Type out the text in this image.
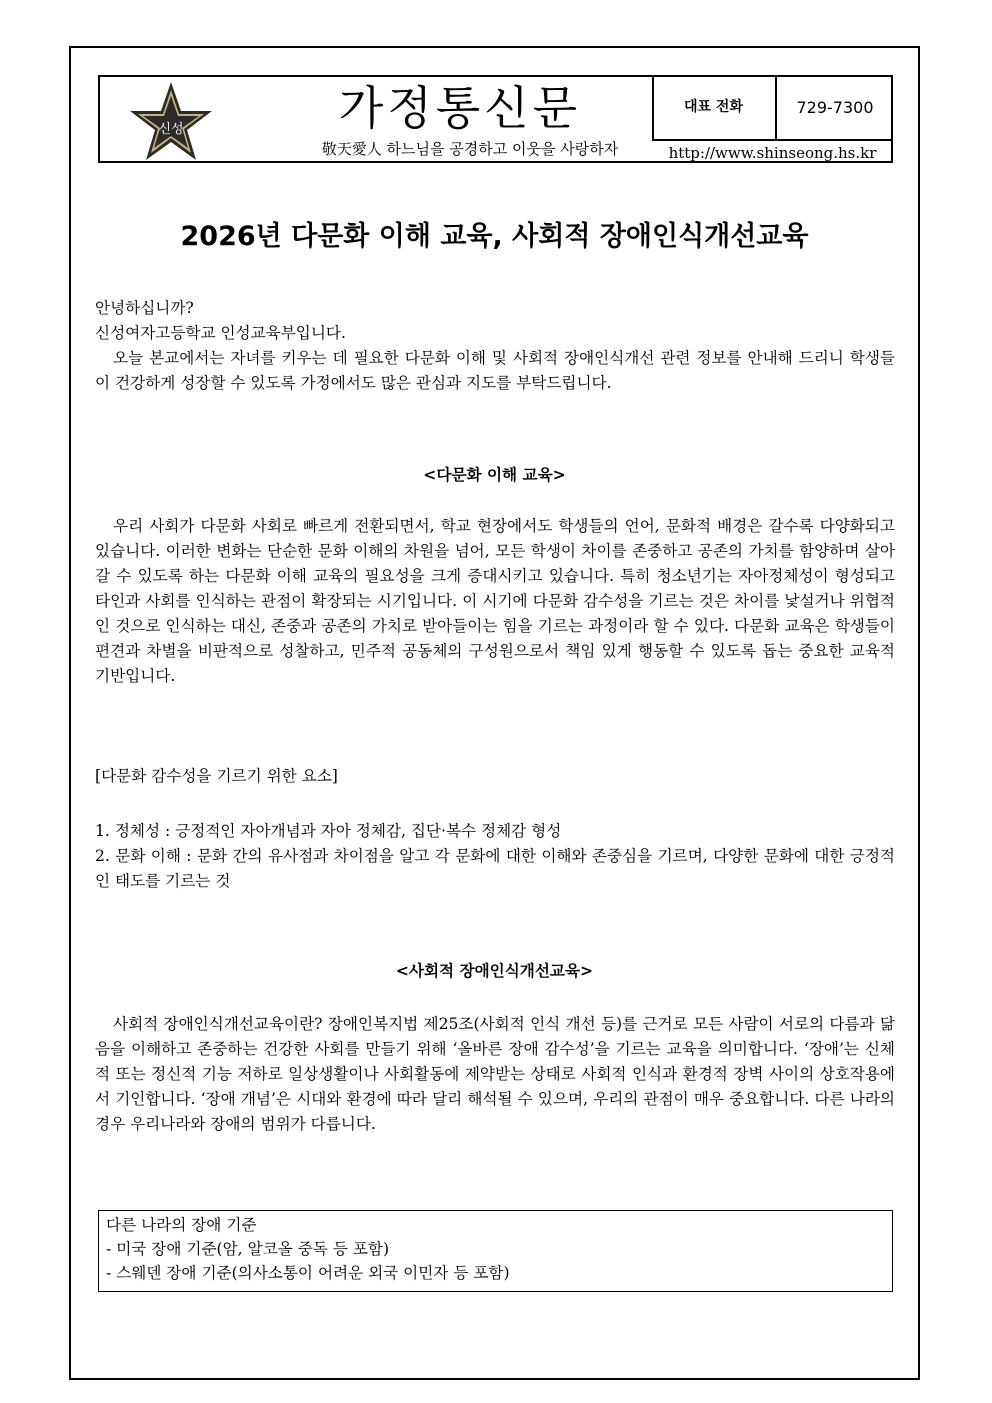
신성	가정통신문
敬天愛人 하느님을 공경하고 이웃을 사랑하자
대표 전화	729-7300
http://www.shinseong.hs.kr
2026년 다문화 이해 교육, 사회적 장애인식개선교육

안녕하십니까?

신성여자고등학교 인성교육부입니다.

오늘 본교에서는 자녀를 키우는 데 필요한 다문화 이해 및 사회적 장애인식개선 관련 정보를 안내해 드리니 학생들이 건강하게 성장할 수 있도록 가정에서도 많은 관심과 지도를 부탁드립니다.

<다문화 이해 교육>

우리 사회가 다문화 사회로 빠르게 전환되면서, 학교 현장에서도 학생들의 언어, 문화적 배경은 갈수록 다양화되고 있습니다. 이러한 변화는 단순한 문화 이해의 차원을 넘어, 모든 학생이 차이를 존중하고 공존의 가치를 함양하며 살아갈 수 있도록 하는 다문화 이해 교육의 필요성을 크게 증대시키고 있습니다. 특히 청소년기는 자아정체성이 형성되고 타인과 사회를 인식하는 관점이 확장되는 시기입니다. 이 시기에 다문화 감수성을 기르는 것은 차이를 낯설거나 위협적인 것으로 인식하는 대신, 존중과 공존의 가치로 받아들이는 힘을 기르는 과정이라 할 수 있다. 다문화 교육은 학생들이 편견과 차별을 비판적으로 성찰하고, 민주적 공동체의 구성원으로서 책임 있게 행동할 수 있도록 돕는 중요한 교육적 기반입니다.

[다문화 감수성을 기르기 위한 요소]

1. 정체성 : 긍정적인 자아개념과 자아 정체감, 집단·복수 정체감 형성

2. 문화 이해 : 문화 간의 유사점과 차이점을 알고 각 문화에 대한 이해와 존중심을 기르며, 다양한 문화에 대한 긍정적인 태도를 기르는 것

<사회적 장애인식개선교육>

사회적 장애인식개선교육이란? 장애인복지법 제25조(사회적 인식 개선 등)를 근거로 모든 사람이 서로의 다름과 닮음을 이해하고 존중하는 건강한 사회를 만들기 위해 ‘올바른 장애 감수성’을 기르는 교육을 의미합니다. ‘장애’는 신체적 또는 정신적 기능 저하로 일상생활이나 사회활동에 제약받는 상태로 사회적 인식과 환경적 장벽 사이의 상호작용에서 기인합니다. ‘장애 개념’은 시대와 환경에 따라 달리 해석될 수 있으며, 우리의 관점이 매우 중요합니다. 다른 나라의 경우 우리나라와 장애의 범위가 다릅니다.

다른 나라의 장애 기준
- 미국 장애 기준(암, 알코올 중독 등 포함)
- 스웨덴 장애 기준(의사소통이 어려운 외국 이민자 등 포함)
